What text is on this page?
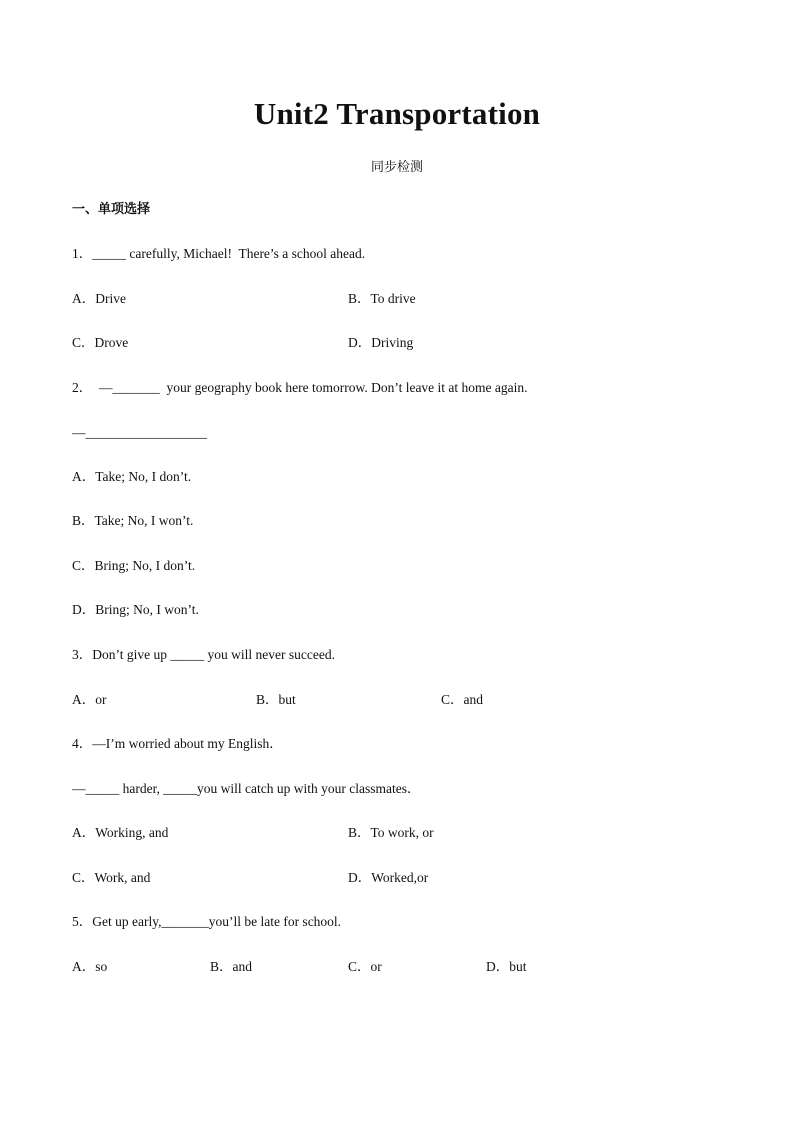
Unit2 Transportation
同步检测
一、单项选择
1．_____ carefully, Michael!  There’s a school ahead.
A．Drive	B．To drive
C．Drove	D．Driving
2．  —_______  your geography book here tomorrow. Don’t leave it at home again.
—__________________
A．Take; No, I don’t.
B．Take; No, I won’t.
C．Bring; No, I don’t.
D．Bring; No, I won’t.
3．Don’t give up _____ you will never succeed.
A．or	B．but	C．and
4．—I’m worried about my English．
—_____ harder, _____you will catch up with your classmates．
A．Working, and	B．To work, or
C．Work, and	D．Worked,or
5．Get up early,_______you’ll be late for school.
A．so	B．and	C．or	D．but
